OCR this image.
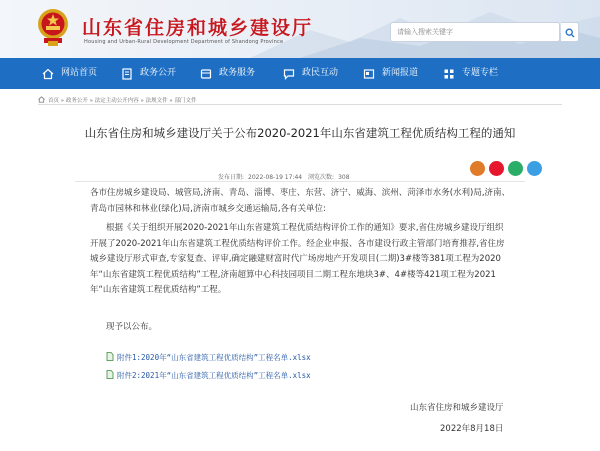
山东省住房和城乡建设厅
Housing and Urban-Rural Development Department of Shandong Province
请输入搜索关键字
网站首页	政务公开	政务服务	政民互动	新闻报道	专题专栏
首页 » 政务公开 » 法定主动公开内容 » 法规文件 » 部门文件
山东省住房和城乡建设厅关于公布2020-2021年山东省建筑工程优质结构工程的通知
发布日期: 2022-08-19 17:44 浏览次数: 308
各市住房城乡建设局、城管局,济南、青岛、淄博、枣庄、东营、济宁、威海、滨州、菏泽市水务(水利)局,济南、青岛市园林和林业(绿化)局,济南市城乡交通运输局,各有关单位:
根据《关于组织开展2020-2021年山东省建筑工程优质结构评价工作的通知》要求,省住房城乡建设厅组织开展了2020-2021年山东省建筑工程优质结构评价工作。经企业申报、各市建设行政主管部门培育推荐,省住房城乡建设厅形式审查,专家复查、评审,确定融建财富时代广场房地产开发项目(二期)3#楼等381项工程为2020年“山东省建筑工程优质结构”工程,济南超算中心科技园项目二期工程东地块3#、4#楼等421项工程为2021年“山东省建筑工程优质结构”工程。
现予以公布。
附件1:2020年“山东省建筑工程优质结构”工程名单.xlsx
附件2:2021年“山东省建筑工程优质结构”工程名单.xlsx
山东省住房和城乡建设厅
2022年8月18日
